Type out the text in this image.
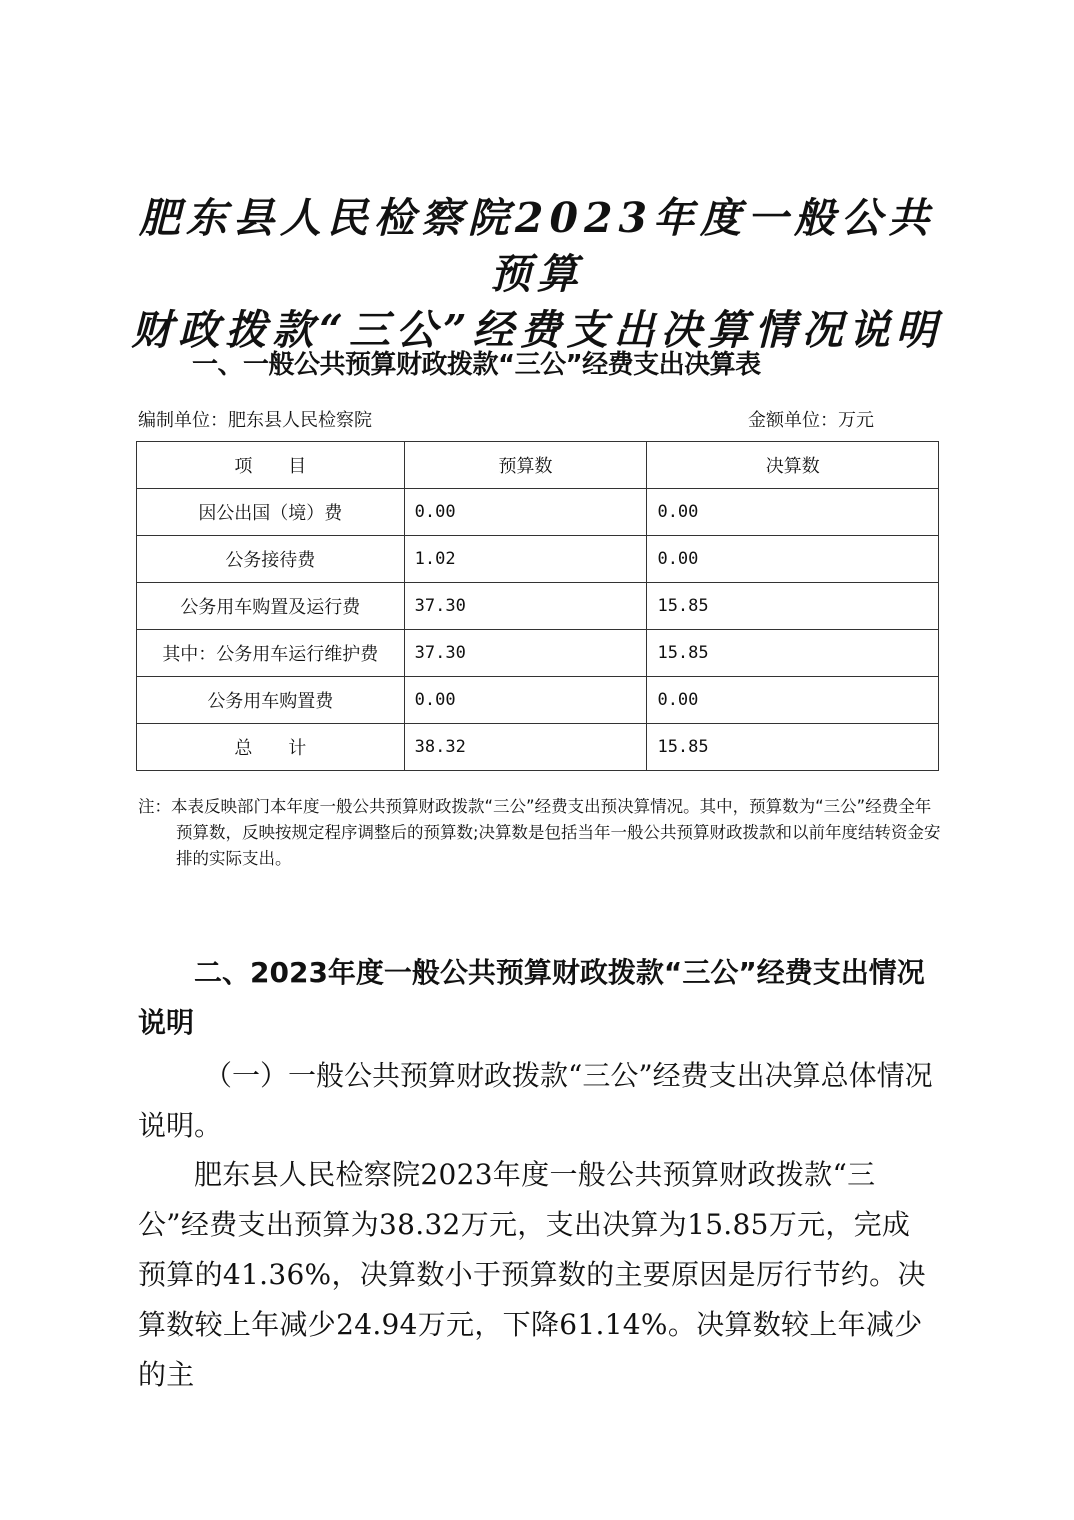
肥东县人民检察院2023年度一般公共预算
财政拨款“三公”经费支出决算情况说明
一、一般公共预算财政拨款“三公”经费支出决算表
编制单位：肥东县人民检察院	金额单位：万元
项　　目	预算数	决算数
因公出国（境）费	0.00	0.00
公务接待费	1.02	0.00
公务用车购置及运行费	37.30	15.85
其中：公务用车运行维护费	37.30	15.85
公务用车购置费	0.00	0.00
总　　计	38.32	15.85

注：本表反映部门本年度一般公共预算财政拨款“三公”经费支出预决算情况。其中，预算数为“三公”经费全年预算数，反映按规定程序调整后的预算数;决算数是包括当年一般公共预算财政拨款和以前年度结转资金安排的实际支出。

二、2023年度一般公共预算财政拨款“三公”经费支出情况说明

（一）一般公共预算财政拨款“三公”经费支出决算总体情况说明。

肥东县人民检察院2023年度一般公共预算财政拨款“三公”经费支出预算为38.32万元，支出决算为15.85万元，完成预算的41.36%，决算数小于预算数的主要原因是厉行节约。决算数较上年减少24.94万元，下降61.14%。决算数较上年减少的主
